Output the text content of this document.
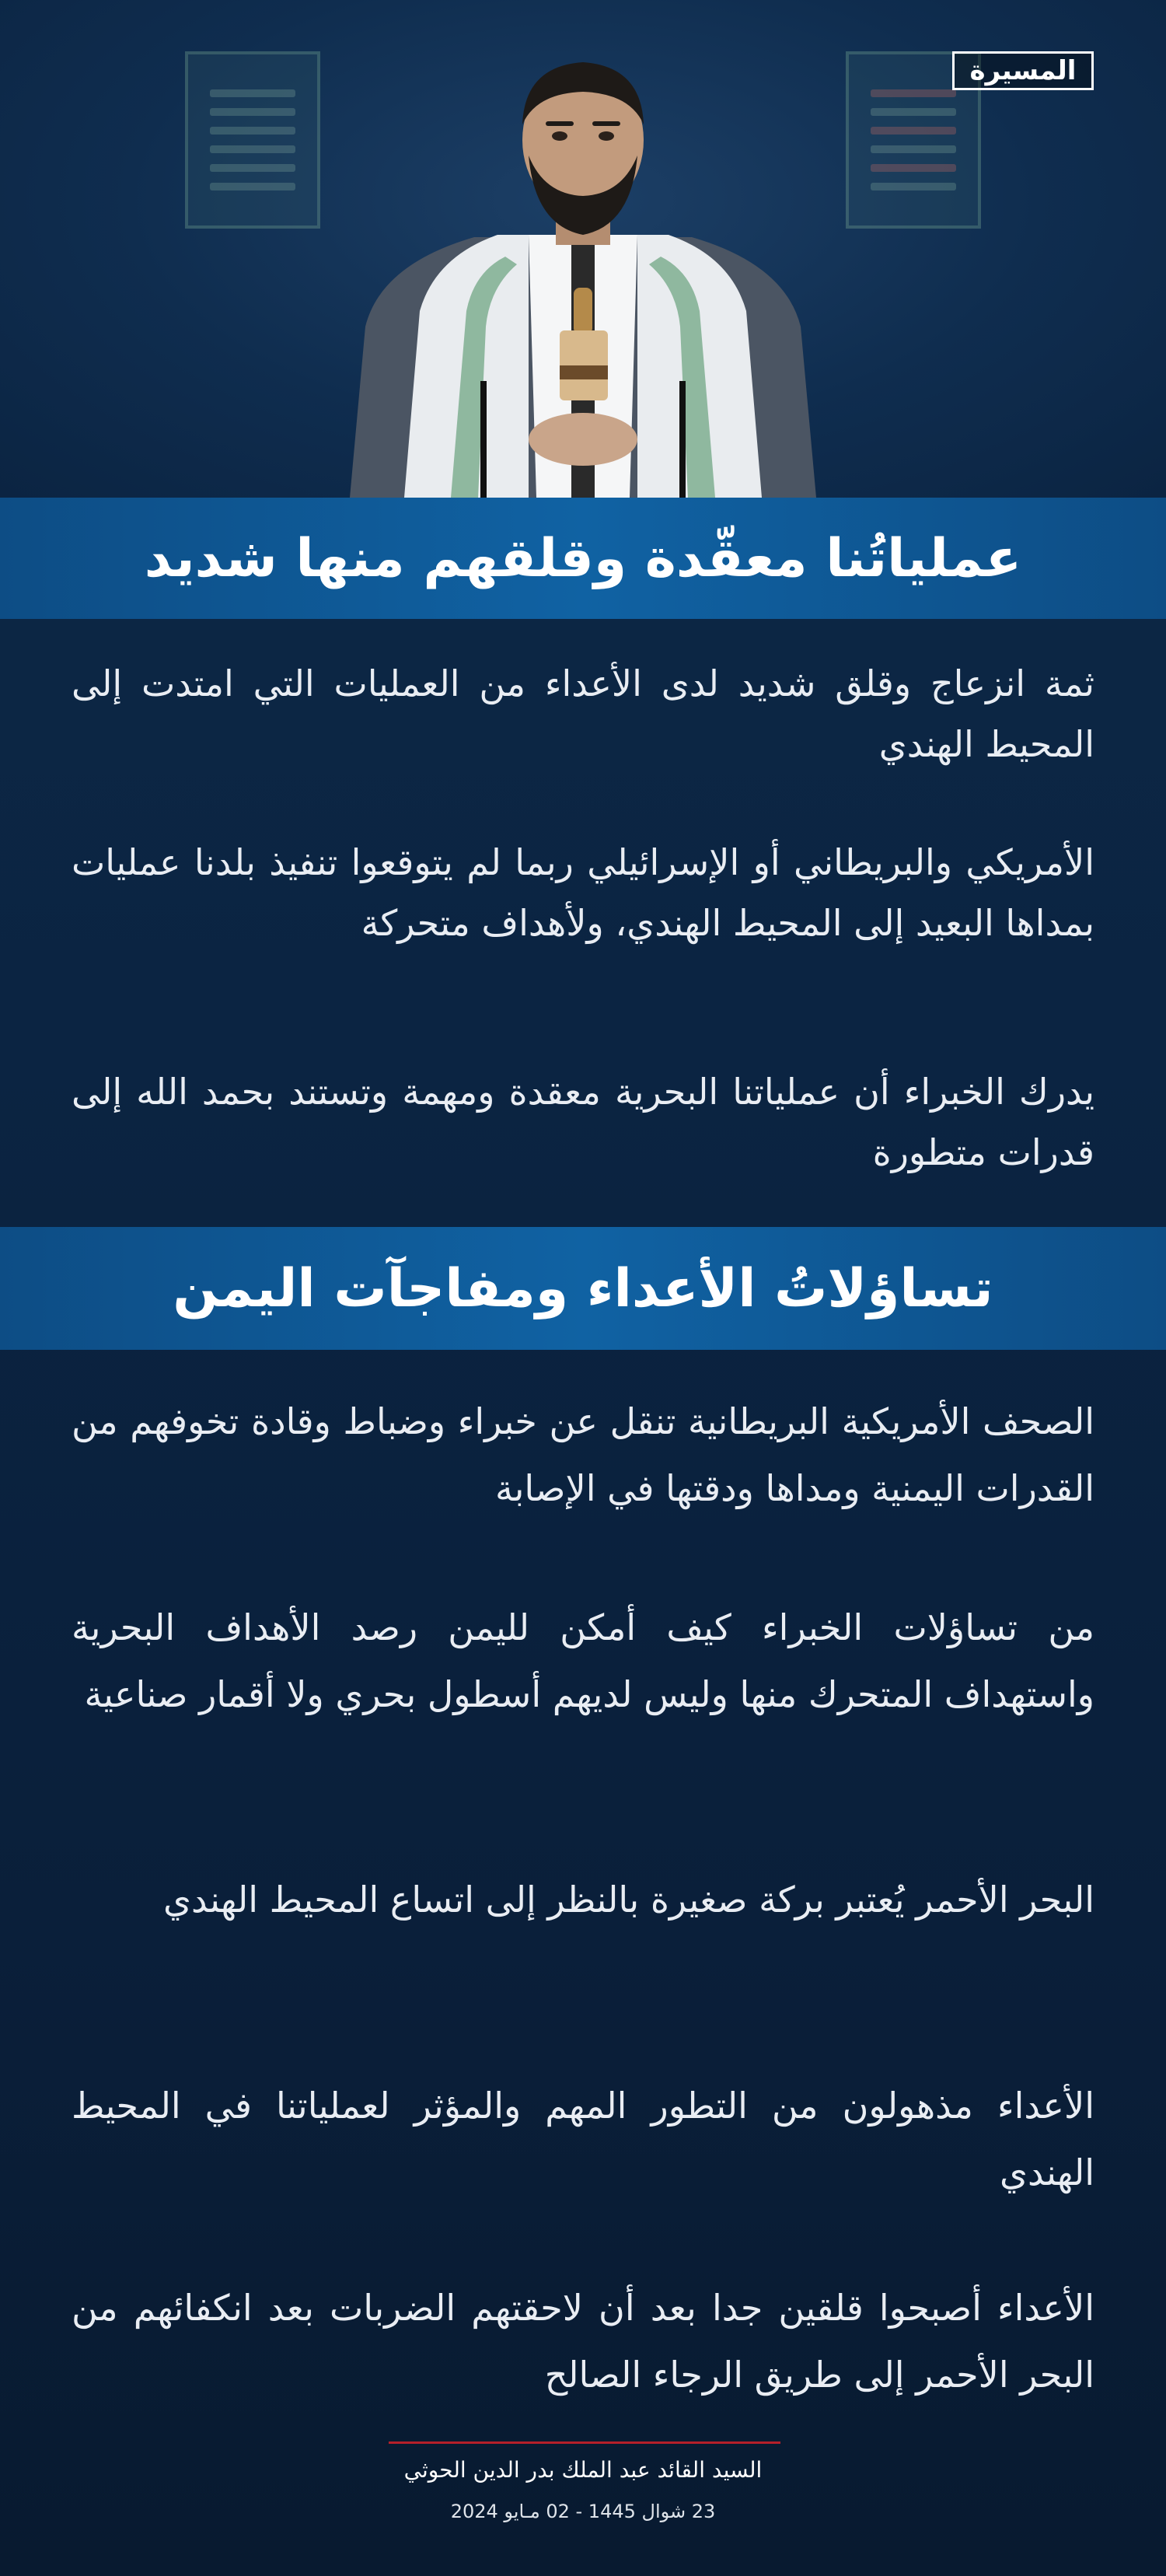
المسيرة
عملياتُنا معقّدة وقلقهم منها شديد

ثمة انزعاج وقلق شديد لدى الأعداء من العمليات التي امتدت إلى المحيط الهندي

الأمريكي والبريطاني أو الإسرائيلي ربما لم يتوقعوا تنفيذ بلدنا عمليات بمداها البعيد إلى المحيط الهندي، ولأهداف متحركة

يدرك الخبراء أن عملياتنا البحرية معقدة ومهمة وتستند بحمد الله إلى قدرات متطورة

تساؤلاتُ الأعداء ومفاجآت اليمن

الصحف الأمريكية البريطانية تنقل عن خبراء وضباط وقادة تخوفهم من القدرات اليمنية ومداها ودقتها في الإصابة

من تساؤلات الخبراء كيف أمكن لليمن رصد الأهداف البحرية واستهداف المتحرك منها وليس لديهم أسطول بحري ولا أقمار صناعية

البحر الأحمر يُعتبر بركة صغيرة بالنظر إلى اتساع المحيط الهندي

الأعداء مذهولون من التطور المهم والمؤثر لعملياتنا في المحيط الهندي

الأعداء أصبحوا قلقين جدا بعد أن لاحقتهم الضربات بعد انكفائهم من البحر الأحمر إلى طريق الرجاء الصالح

السيد القائد عبد الملك بدر الدين الحوثي
23 شوال 1445 - 02 مـايو 2024
